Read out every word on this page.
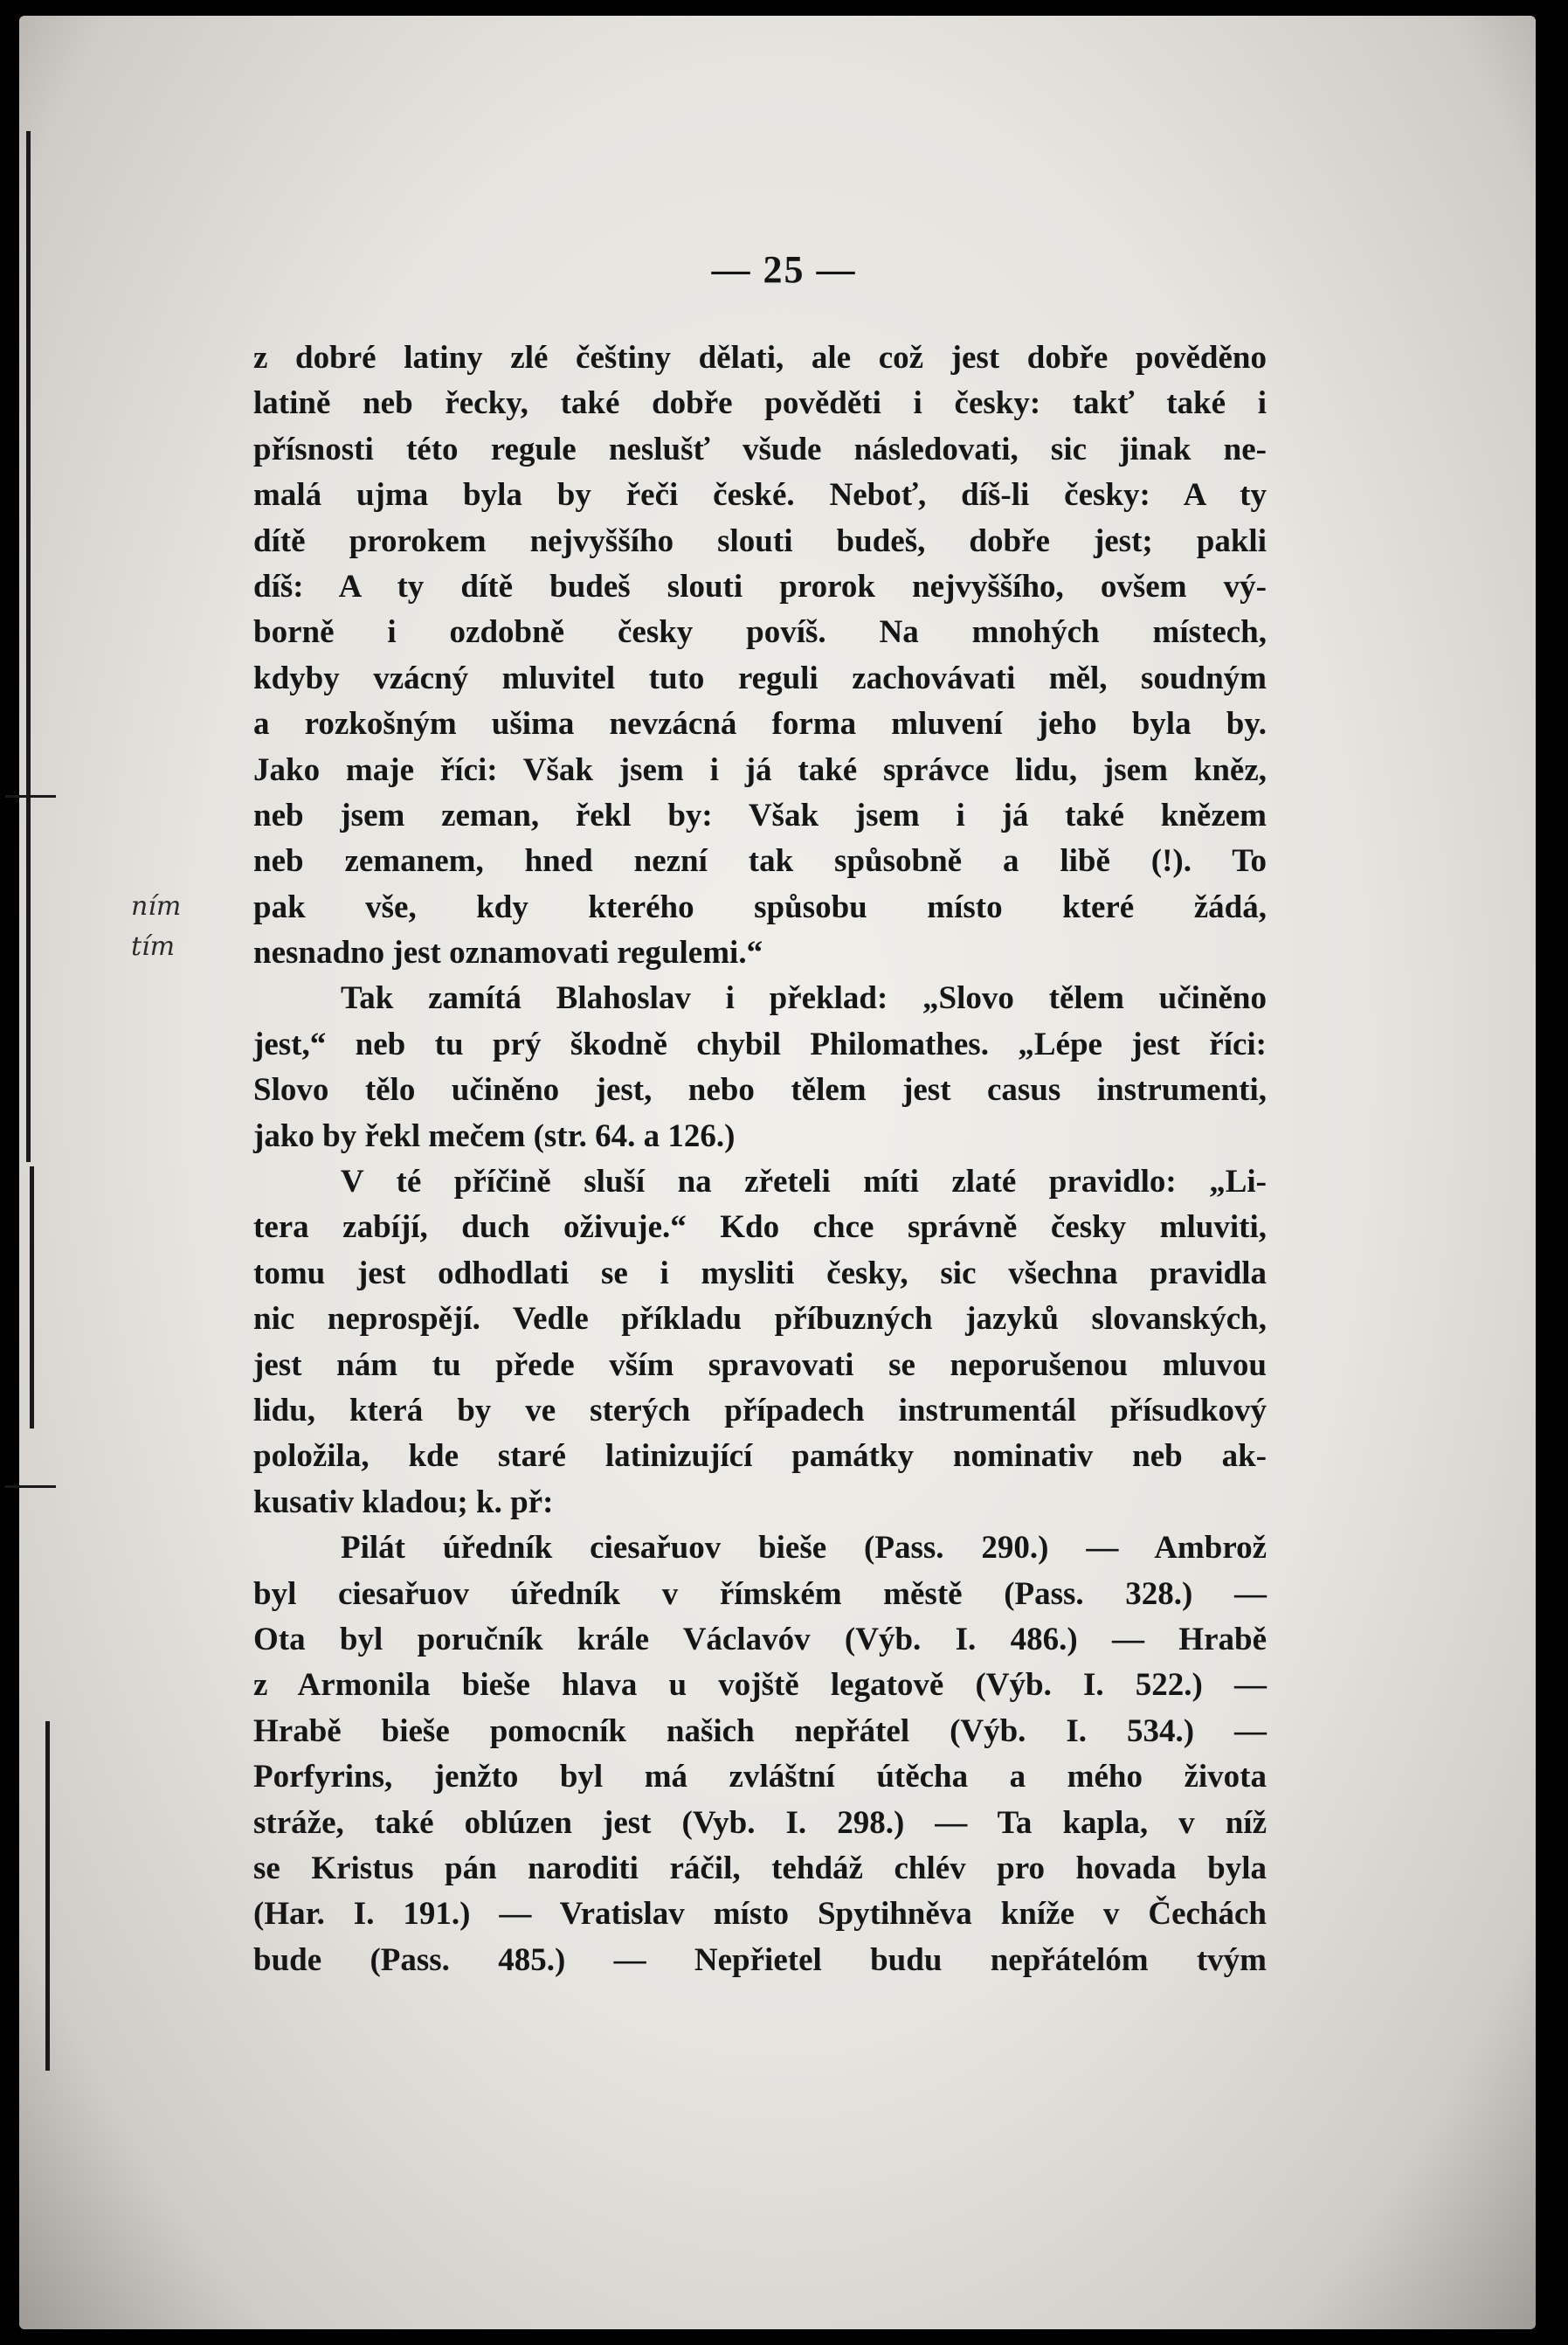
— 25 —
ním
tím
z dobré latiny zlé češtiny dělati, ale což jest dobře pověděno
latině neb řecky, také dobře pověděti i česky: takť také i
přísnosti této regule neslušť všude následovati, sic jinak ne-
malá ujma byla by řeči české. Neboť, díš-li česky: A ty
dítě prorokem nejvyššího slouti budeš, dobře jest; pakli
díš: A ty dítě budeš slouti prorok nejvyššího, ovšem vý-
borně i ozdobně česky povíš. Na mnohých místech,
kdyby vzácný mluvitel tuto reguli zachovávati měl, soudným
a rozkošným ušima nevzácná forma mluvení jeho byla by.
Jako maje říci: Však jsem i já také správce lidu, jsem kněz,
neb jsem zeman, řekl by: Však jsem i já také knězem
neb zemanem, hned nezní tak spůsobně a libě (!). To
pak vše, kdy kterého spůsobu místo které žádá,
nesnadno jest oznamovati regulemi.“
Tak zamítá Blahoslav i překlad: „Slovo tělem učiněno
jest,“ neb tu prý škodně chybil Philomathes. „Lépe jest říci:
Slovo tělo učiněno jest, nebo tělem jest casus instrumenti,
jako by řekl mečem (str. 64. a 126.)
V té příčině sluší na zřeteli míti zlaté pravidlo: „Li-
tera zabíjí, duch oživuje.“ Kdo chce správně česky mluviti,
tomu jest odhodlati se i mysliti česky, sic všechna pravidla
nic neprospějí. Vedle příkladu příbuzných jazyků slovanských,
jest nám tu přede vším spravovati se neporušenou mluvou
lidu, která by ve sterých případech instrumentál přísudkový
položila, kde staré latinizující památky nominativ neb ak-
kusativ kladou; k. př:
Pilát úředník ciesařuov bieše (Pass. 290.) — Ambrož
byl ciesařuov úředník v římském městě (Pass. 328.) —
Ota byl poručník krále Václavóv (Výb. I. 486.) — Hrabě
z Armonila bieše hlava u vojště legatově (Výb. I. 522.) —
Hrabě bieše pomocník našich nepřátel (Výb. I. 534.) —
Porfyrins, jenžto byl má zvláštní útěcha a mého života
stráže, také oblúzen jest (Vyb. I. 298.) — Ta kapla, v níž
se Kristus pán naroditi ráčil, tehdáž chlév pro hovada byla
(Har. I. 191.) — Vratislav místo Spytihněva kníže v Čechách
bude (Pass. 485.) — Nepřietel budu nepřátelóm tvým
